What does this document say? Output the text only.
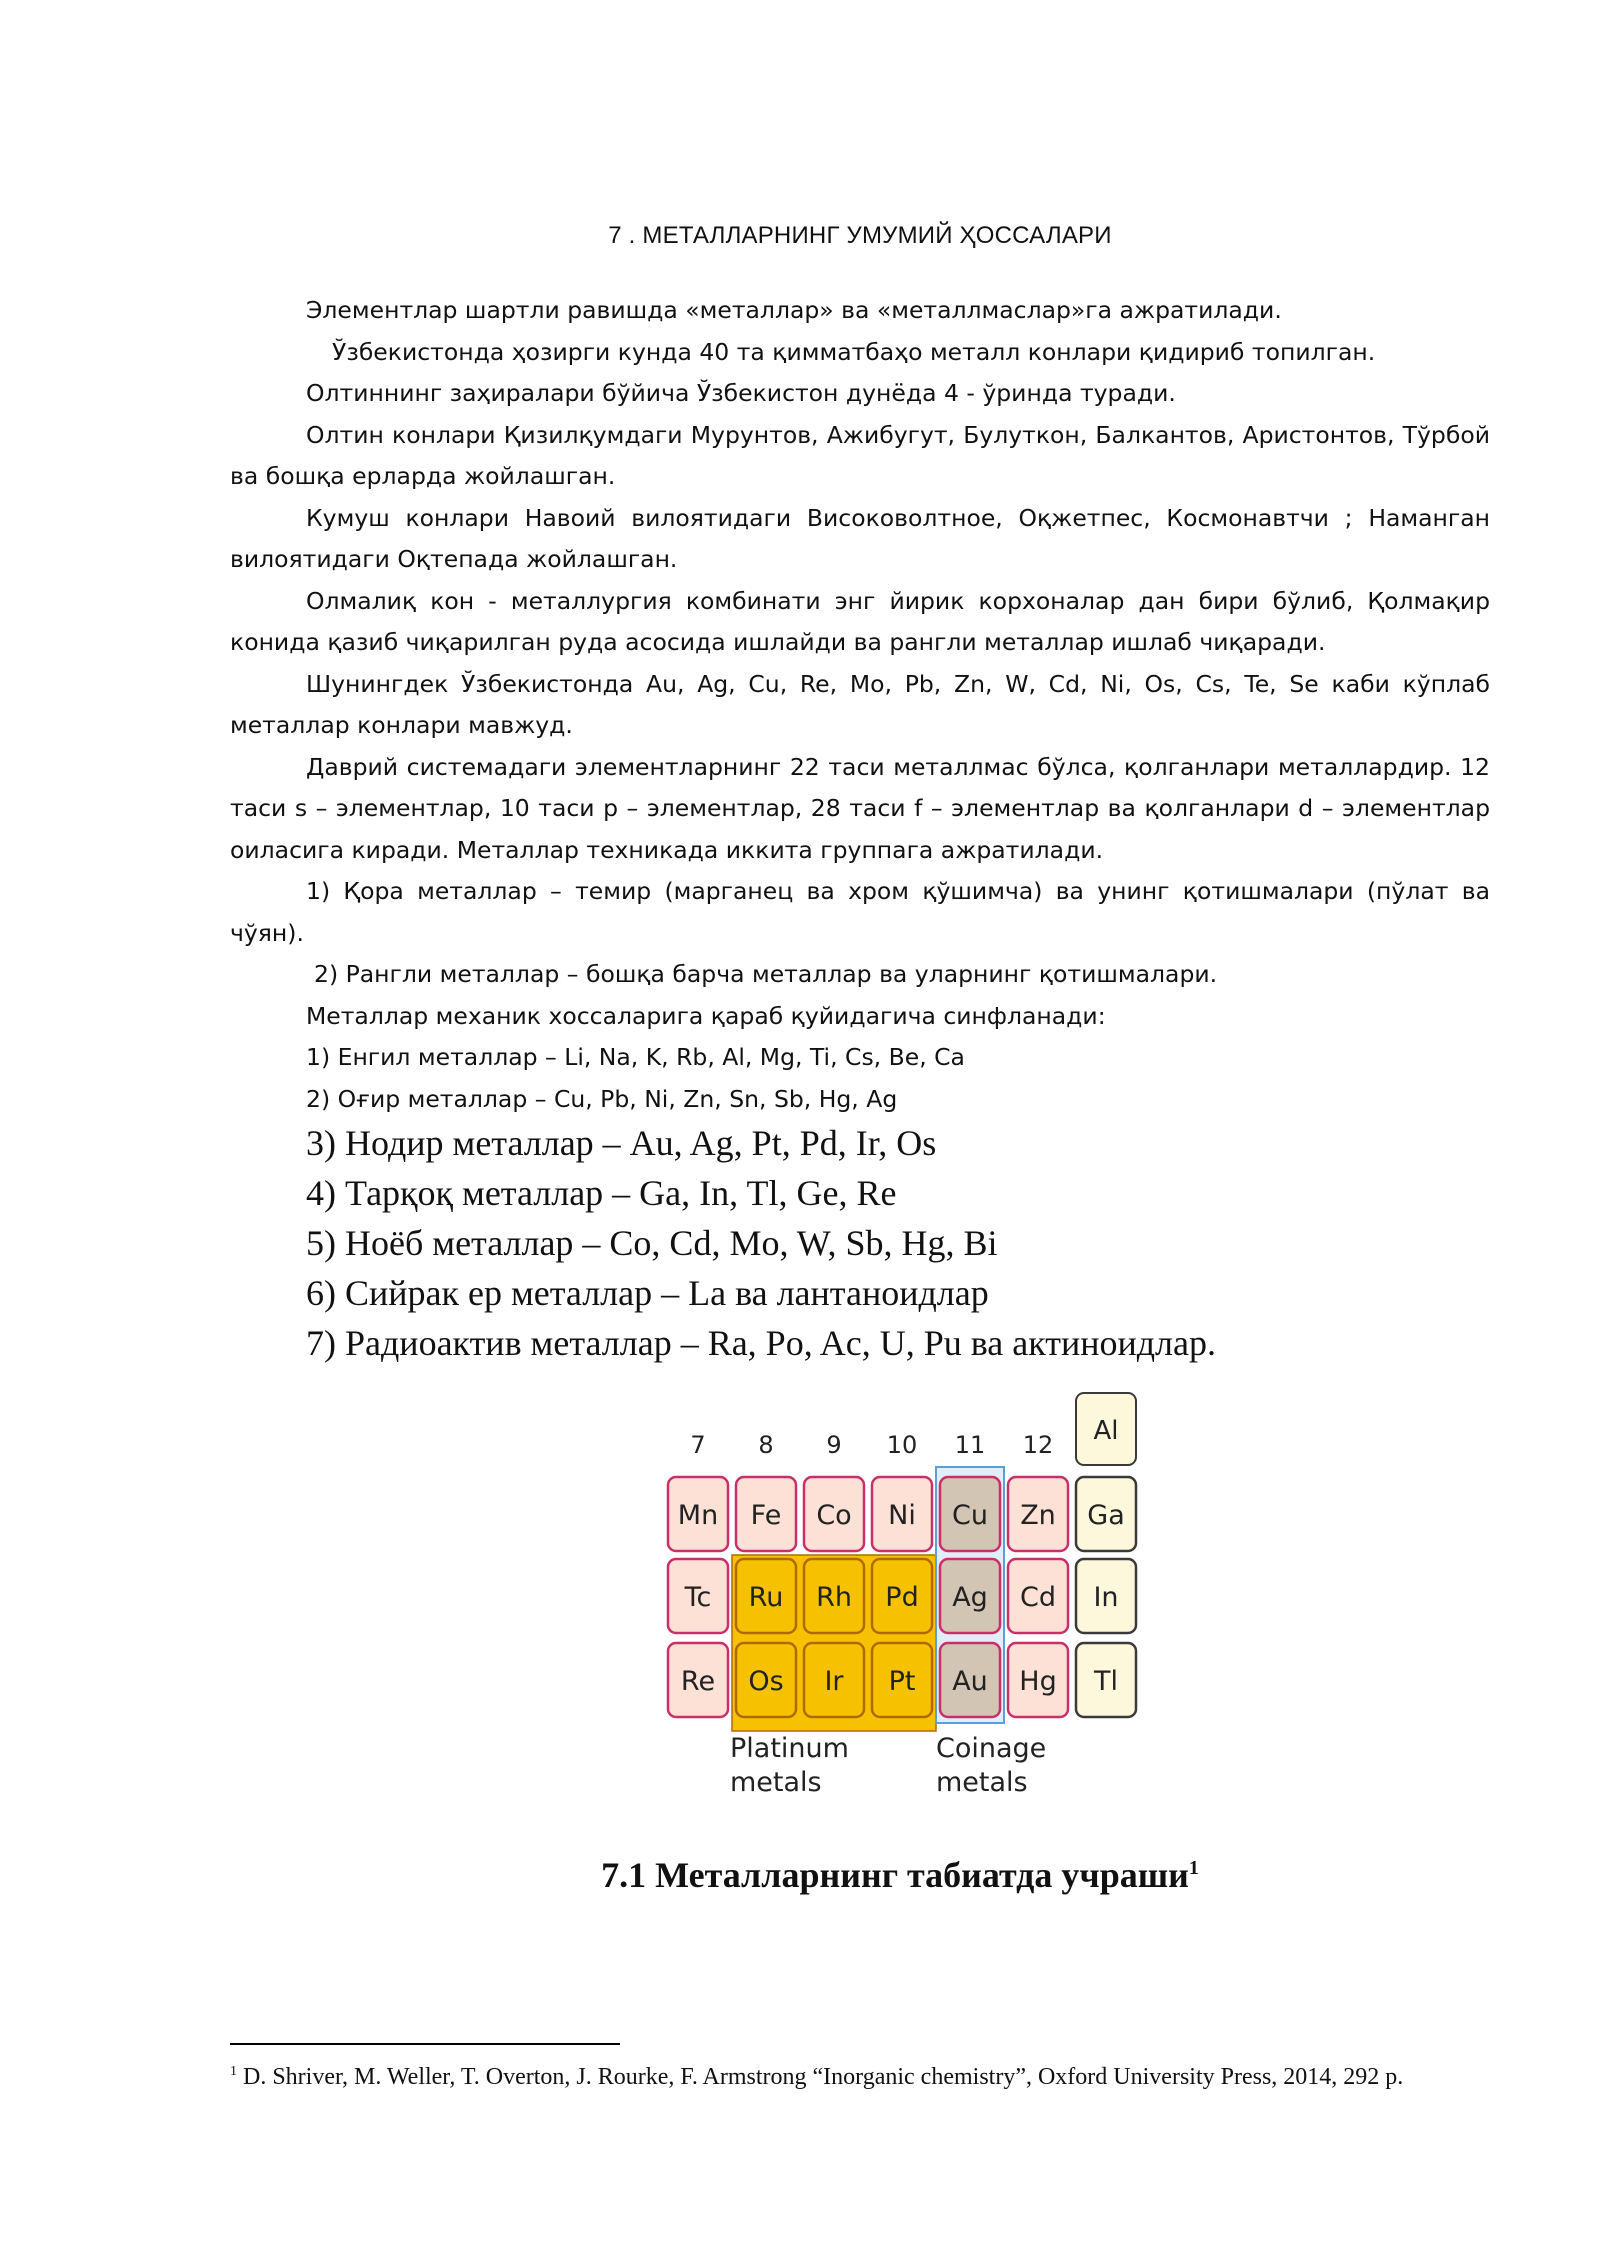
7 . МЕТАЛЛАРНИНГ УМУМИЙ ҲОССАЛАРИ

Элементлар шартли равишда «металлар» ва «металлмаслар»га ажратилади.

Ўзбекистонда ҳозирги кунда 40 та қимматбаҳо металл конлари қидириб топилган.

Олтиннинг заҳиралари бўйича Ўзбекистон дунёда 4 - ўринда туради.

Олтин конлари Қизилқумдаги Мурунтов, Ажибугут, Булуткон, Балкантов, Аристонтов, Тўрбой ва бошқа ерларда жойлашган.

Кумуш конлари Навоий вилоятидаги Високоволтное, Оқжетпес, Космонавтчи ; Наманган вилоятидаги Оқтепада жойлашган.

Олмалиқ кон - металлургия комбинати энг йирик корхоналар дан бири бўлиб, Қолмақир конида қазиб чиқарилган руда асосида ишлайди ва рангли металлар ишлаб чиқаради.

Шунингдек Ўзбекистонда Au, Ag, Cu, Re, Mo, Pb, Zn, W, Cd, Ni, Os, Cs, Te, Se каби кўплаб металлар конлари мавжуд.

Даврий системадаги элементларнинг 22 таси металлмас бўлса, қолганлари металлардир. 12 таси s – элементлар, 10 таси p – элементлар, 28 таси f – элементлар ва қолганлари d – элементлар оиласига киради. Металлар техникада иккита группага ажратилади.

1) Қора металлар – темир (марганец ва хром қўшимча) ва унинг қотишмалари (пўлат ва чўян).

2) Рангли металлар – бошқа барча металлар ва уларнинг қотишмалари.

Металлар механик хоссаларига қараб қуйидагича синфланади:

1) Енгил металлар – Li, Na, K, Rb, Al, Mg, Ti, Cs, Be, Ca

2) Оғир металлар – Cu, Pb, Ni, Zn, Sn, Sb, Hg, Ag

3) Нодир металлар – Au, Ag, Pt, Pd, Ir, Os
4) Тарқоқ металлар – Ga, In, Tl, Ge, Re
5) Ноёб металлар – Co, Cd, Mo, W, Sb, Hg, Bi
6) Сийрак ер металлар – La ва лантаноидлар
7) Радиоактив металлар – Ra, Po, Ac, U, Pu ва актиноидлар.
7 8 9 10 11 12 Al
Mn Fe Co Ni Cu Zn Ga
Tc Ru Rh Pd Ag Cd In
Re Os Ir Pt Au Hg Tl
Platinum
metals
Coinage
metals
7.1 Металларнинг табиатда учраши$^1$
$^1$ D. Shriver, M. Weller, T. Overton, J. Rourke, F. Armstrong “Inorganic chemistry”, Oxford University Press, 2014, 292 p.
